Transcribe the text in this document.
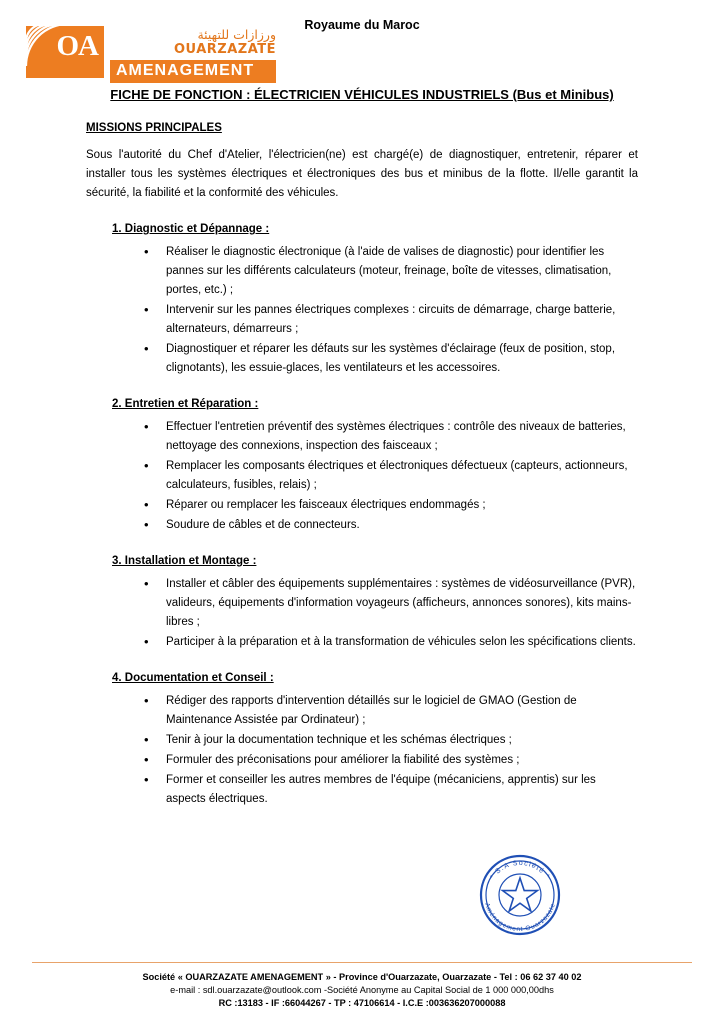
Royaume du Maroc
OA	ورزازات للتهيئة OUARZAZATE
AMENAGEMENT
FICHE DE FONCTION : ÉLECTRICIEN VÉHICULES INDUSTRIELS (Bus et Minibus)
MISSIONS PRINCIPALES

Sous l'autorité du Chef d'Atelier, l'électricien(ne) est chargé(e) de diagnostiquer, entretenir, réparer et installer tous les systèmes électriques et électroniques des bus et minibus de la flotte. Il/elle garantit la sécurité, la fiabilité et la conformité des véhicules.

1. Diagnostic et Dépannage :
• Réaliser le diagnostic électronique (à l'aide de valises de diagnostic) pour identifier les pannes sur les différents calculateurs (moteur, freinage, boîte de vitesses, climatisation, portes, etc.) ;
• Intervenir sur les pannes électriques complexes : circuits de démarrage, charge batterie, alternateurs, démarreurs ;
• Diagnostiquer et réparer les défauts sur les systèmes d'éclairage (feux de position, stop, clignotants), les essuie-glaces, les ventilateurs et les accessoires.
2. Entretien et Réparation :
• Effectuer l'entretien préventif des systèmes électriques : contrôle des niveaux de batteries, nettoyage des connexions, inspection des faisceaux ;
• Remplacer les composants électriques et électroniques défectueux (capteurs, actionneurs, calculateurs, fusibles, relais) ;
• Réparer ou remplacer les faisceaux électriques endommagés ;
• Soudure de câbles et de connecteurs.
3. Installation et Montage :
• Installer et câbler des équipements supplémentaires : systèmes de vidéosurveillance (PVR), valideurs, équipements d'information voyageurs (afficheurs, annonces sonores), kits mains-libres ;
• Participer à la préparation et à la transformation de véhicules selon les spécifications clients.
4. Documentation et Conseil :
• Rédiger des rapports d'intervention détaillés sur le logiciel de GMAO (Gestion de Maintenance Assistée par Ordinateur) ;
• Tenir à jour la documentation technique et les schémas électriques ;
• Formuler des préconisations pour améliorer la fiabilité des systèmes ;
• Former et conseiller les autres membres de l'équipe (mécaniciens, apprentis) sur les aspects électriques.
* S.A Société *
Aménagement Ouarzazate
Société « OUARZAZATE AMENAGEMENT » - Province d'Ouarzazate, Ouarzazate - Tel : 06 62 37 40 02
e-mail : sdl.ouarzazate@outlook.com -Société Anonyme au Capital Social de 1 000 000,00dhs
RC :13183 - IF :66044267 - TP : 47106614 - I.C.E :003636207000088
